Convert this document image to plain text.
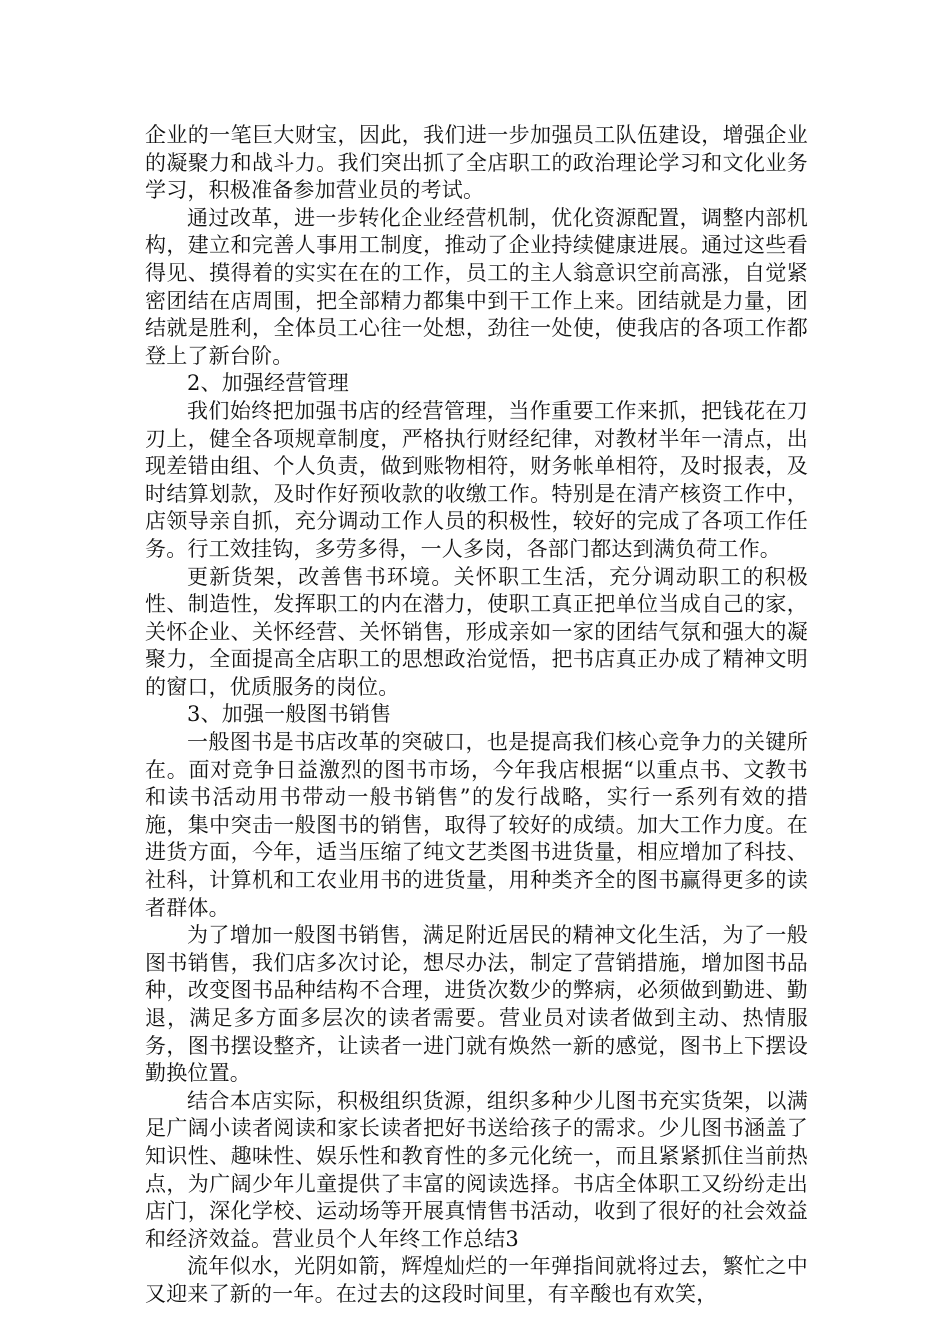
企业的一笔巨大财宝，因此，我们进一步加强员工队伍建设，增强企业的凝聚力和战斗力。我们突出抓了全店职工的政治理论学习和文化业务学习，积极准备参加营业员的考试。

通过改革，进一步转化企业经营机制，优化资源配置，调整内部机构，建立和完善人事用工制度，推动了企业持续健康进展。通过这些看得见、摸得着的实实在在的工作，员工的主人翁意识空前高涨，自觉紧密团结在店周围，把全部精力都集中到干工作上来。团结就是力量，团结就是胜利，全体员工心往一处想，劲往一处使，使我店的各项工作都登上了新台阶。

2、加强经营管理

我们始终把加强书店的经营管理，当作重要工作来抓，把钱花在刀刃上，健全各项规章制度，严格执行财经纪律，对教材半年一清点，出现差错由组、个人负责，做到账物相符，财务帐单相符，及时报表，及时结算划款，及时作好预收款的收缴工作。特别是在清产核资工作中，店领导亲自抓，充分调动工作人员的积极性，较好的完成了各项工作任务。行工效挂钩，多劳多得，一人多岗，各部门都达到满负荷工作。

更新货架，改善售书环境。关怀职工生活，充分调动职工的积极性、制造性，发挥职工的内在潜力，使职工真正把单位当成自己的家，关怀企业、关怀经营、关怀销售，形成亲如一家的团结气氛和强大的凝聚力，全面提高全店职工的思想政治觉悟，把书店真正办成了精神文明的窗口，优质服务的岗位。

3、加强一般图书销售

一般图书是书店改革的突破口，也是提高我们核心竞争力的关键所在。面对竞争日益激烈的图书市场，今年我店根据“以重点书、文教书和读书活动用书带动一般书销售”的发行战略，实行一系列有效的措施，集中突击一般图书的销售，取得了较好的成绩。加大工作力度。在进货方面，今年，适当压缩了纯文艺类图书进货量，相应增加了科技、社科，计算机和工农业用书的进货量，用种类齐全的图书赢得更多的读者群体。

为了增加一般图书销售，满足附近居民的精神文化生活，为了一般图书销售，我们店多次讨论，想尽办法，制定了营销措施，增加图书品种，改变图书品种结构不合理，进货次数少的弊病，必须做到勤进、勤退，满足多方面多层次的读者需要。营业员对读者做到主动、热情服务，图书摆设整齐，让读者一进门就有焕然一新的感觉，图书上下摆设勤换位置。

结合本店实际，积极组织货源，组织多种少儿图书充实货架，以满足广阔小读者阅读和家长读者把好书送给孩子的需求。少儿图书涵盖了知识性、趣味性、娱乐性和教育性的多元化统一，而且紧紧抓住当前热点，为广阔少年儿童提供了丰富的阅读选择。书店全体职工又纷纷走出店门，深化学校、运动场等开展真情售书活动，收到了很好的社会效益和经济效益。营业员个人年终工作总结3

流年似水，光阴如箭，辉煌灿烂的一年弹指间就将过去，繁忙之中又迎来了新的一年。在过去的这段时间里，有辛酸也有欢笑，
